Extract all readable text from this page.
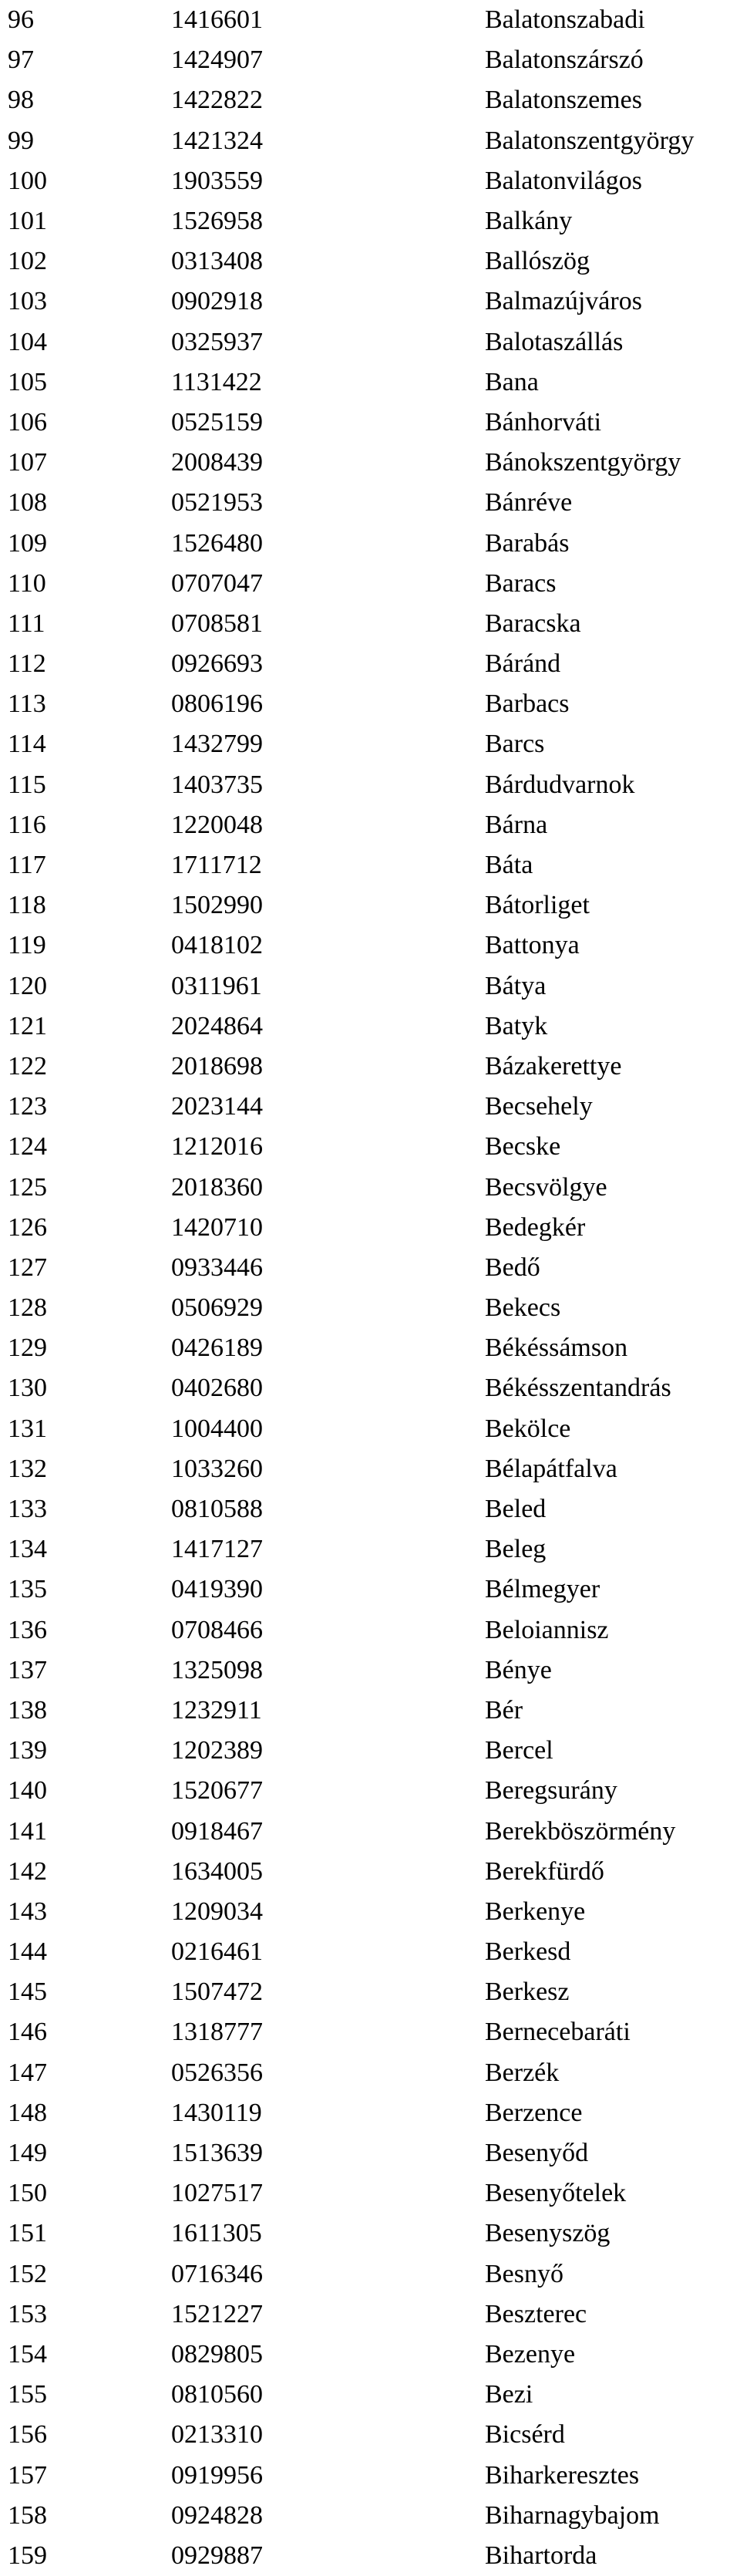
96	1416601	Balatonszabadi
97	1424907	Balatonszárszó
98	1422822	Balatonszemes
99	1421324	Balatonszentgyörgy
100	1903559	Balatonvilágos
101	1526958	Balkány
102	0313408	Ballószög
103	0902918	Balmazújváros
104	0325937	Balotaszállás
105	1131422	Bana
106	0525159	Bánhorváti
107	2008439	Bánokszentgyörgy
108	0521953	Bánréve
109	1526480	Barabás
110	0707047	Baracs
111	0708581	Baracska
112	0926693	Báránd
113	0806196	Barbacs
114	1432799	Barcs
115	1403735	Bárdudvarnok
116	1220048	Bárna
117	1711712	Báta
118	1502990	Bátorliget
119	0418102	Battonya
120	0311961	Bátya
121	2024864	Batyk
122	2018698	Bázakerettye
123	2023144	Becsehely
124	1212016	Becske
125	2018360	Becsvölgye
126	1420710	Bedegkér
127	0933446	Bedő
128	0506929	Bekecs
129	0426189	Békéssámson
130	0402680	Békésszentandrás
131	1004400	Bekölce
132	1033260	Bélapátfalva
133	0810588	Beled
134	1417127	Beleg
135	0419390	Bélmegyer
136	0708466	Beloiannisz
137	1325098	Bénye
138	1232911	Bér
139	1202389	Bercel
140	1520677	Beregsurány
141	0918467	Berekböszörmény
142	1634005	Berekfürdő
143	1209034	Berkenye
144	0216461	Berkesd
145	1507472	Berkesz
146	1318777	Bernecebaráti
147	0526356	Berzék
148	1430119	Berzence
149	1513639	Besenyőd
150	1027517	Besenyőtelek
151	1611305	Besenyszög
152	0716346	Besnyő
153	1521227	Beszterec
154	0829805	Bezenye
155	0810560	Bezi
156	0213310	Bicsérd
157	0919956	Biharkeresztes
158	0924828	Biharnagybajom
159	0929887	Bihartorda
